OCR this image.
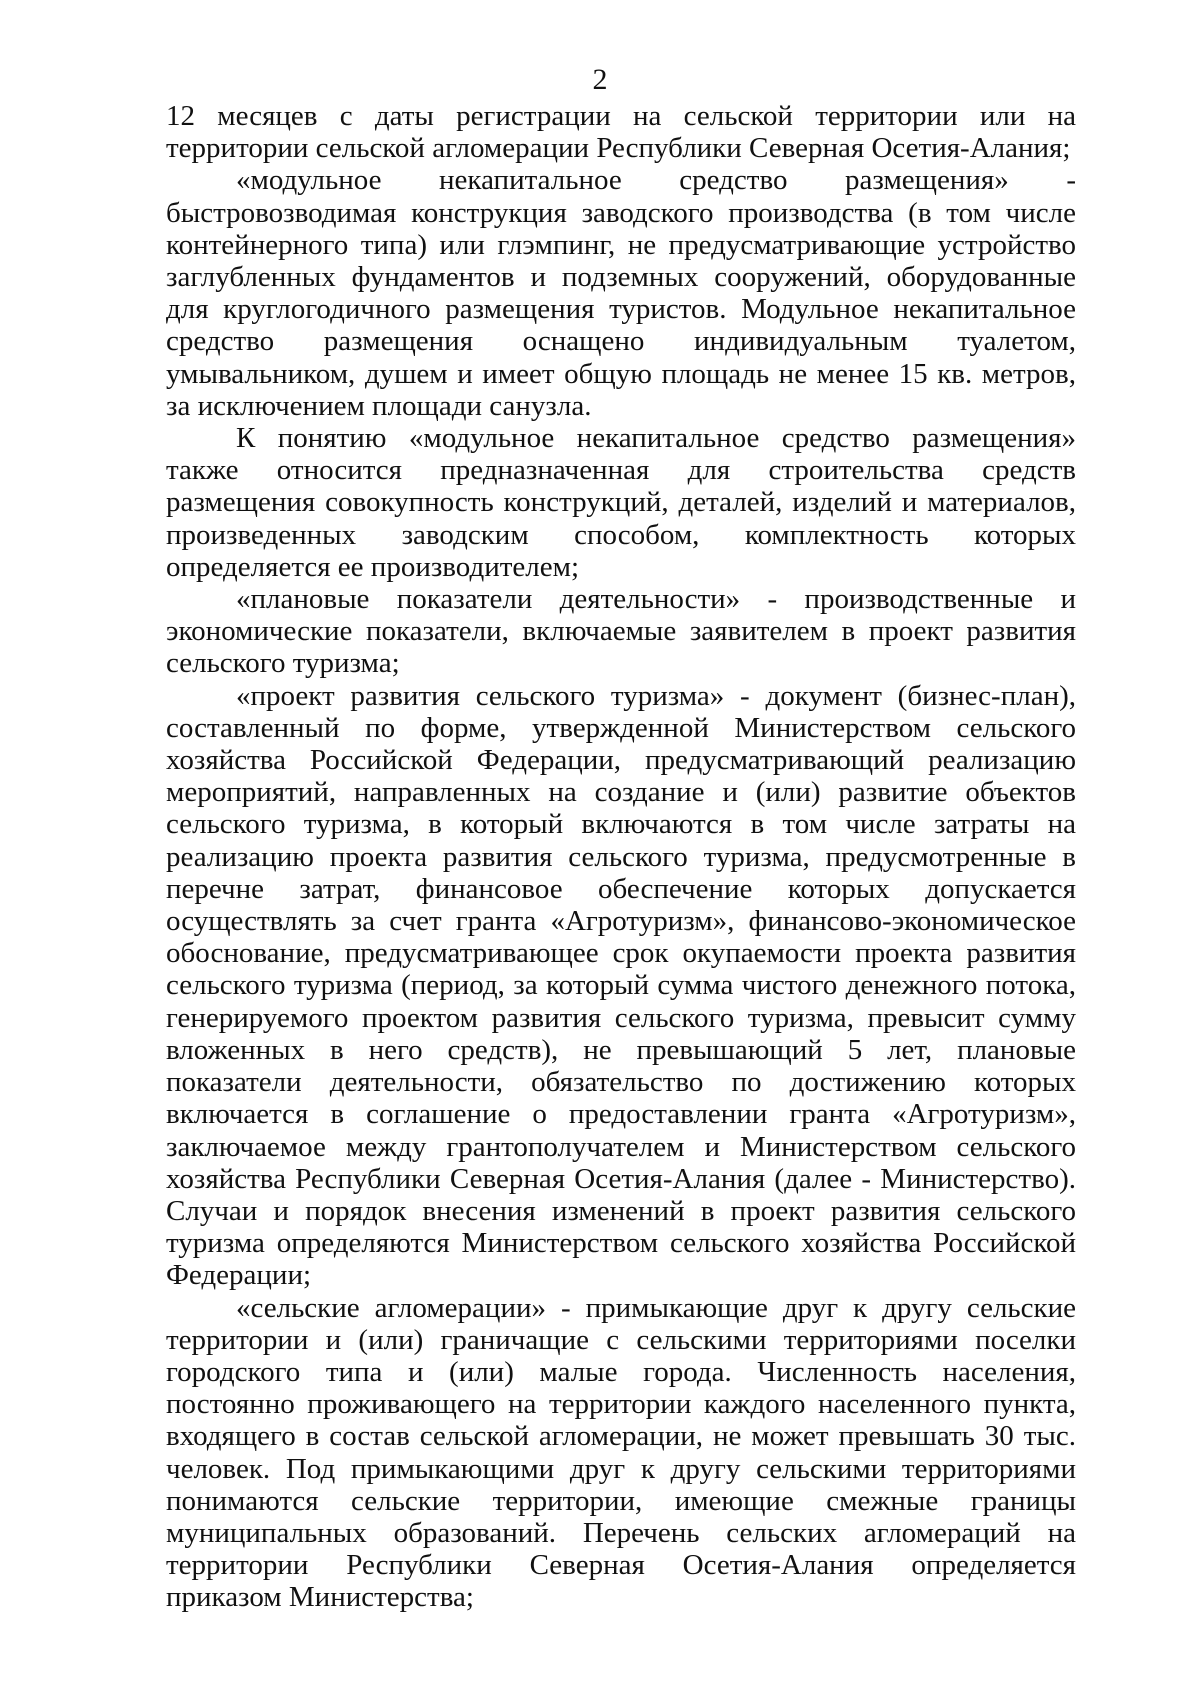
2

12 месяцев с даты регистрации на сельской территории или на территории сельской агломерации Республики Северная Осетия-Алания;

«модульное некапитальное средство размещения» - быстровозводимая конструкция заводского производства (в том числе контейнерного типа) или глэмпинг, не предусматривающие устройство заглубленных фундаментов и подземных сооружений, оборудованные для круглогодичного размещения туристов. Модульное некапитальное средство размещения оснащено индивидуальным туалетом, умывальником, душем и имеет общую площадь не менее 15 кв. метров, за исключением площади санузла.

К понятию «модульное некапитальное средство размещения» также относится предназначенная для строительства средств размещения совокупность конструкций, деталей, изделий и материалов, произведенных заводским способом, комплектность которых определяется ее производителем;

«плановые показатели деятельности» - производственные и экономические показатели, включаемые заявителем в проект развития сельского туризма;

«проект развития сельского туризма» - документ (бизнес-план), составленный по форме, утвержденной Министерством сельского хозяйства Российской Федерации, предусматривающий реализацию мероприятий, направленных на создание и (или) развитие объектов сельского туризма, в который включаются в том числе затраты на реализацию проекта развития сельского туризма, предусмотренные в перечне затрат, финансовое обеспечение которых допускается осуществлять за счет гранта «Агротуризм», финансово-экономическое обоснование, предусматривающее срок окупаемости проекта развития сельского туризма (период, за который сумма чистого денежного потока, генерируемого проектом развития сельского туризма, превысит сумму вложенных в него средств), не превышающий 5 лет, плановые показатели деятельности, обязательство по достижению которых включается в соглашение о предоставлении гранта «Агротуризм», заключаемое между грантополучателем и Министерством сельского хозяйства Республики Северная Осетия-Алания (далее - Министерство). Случаи и порядок внесения изменений в проект развития сельского туризма определяются Министерством сельского хозяйства Российской Федерации;

«сельские агломерации» - примыкающие друг к другу сельские территории и (или) граничащие с сельскими территориями поселки городского типа и (или) малые города. Численность населения, постоянно проживающего на территории каждого населенного пункта, входящего в состав сельской агломерации, не может превышать 30 тыс. человек. Под примыкающими друг к другу сельскими территориями понимаются сельские территории, имеющие смежные границы муниципальных образований. Перечень сельских агломераций на территории Республики Северная Осетия-Алания определяется приказом Министерства;
